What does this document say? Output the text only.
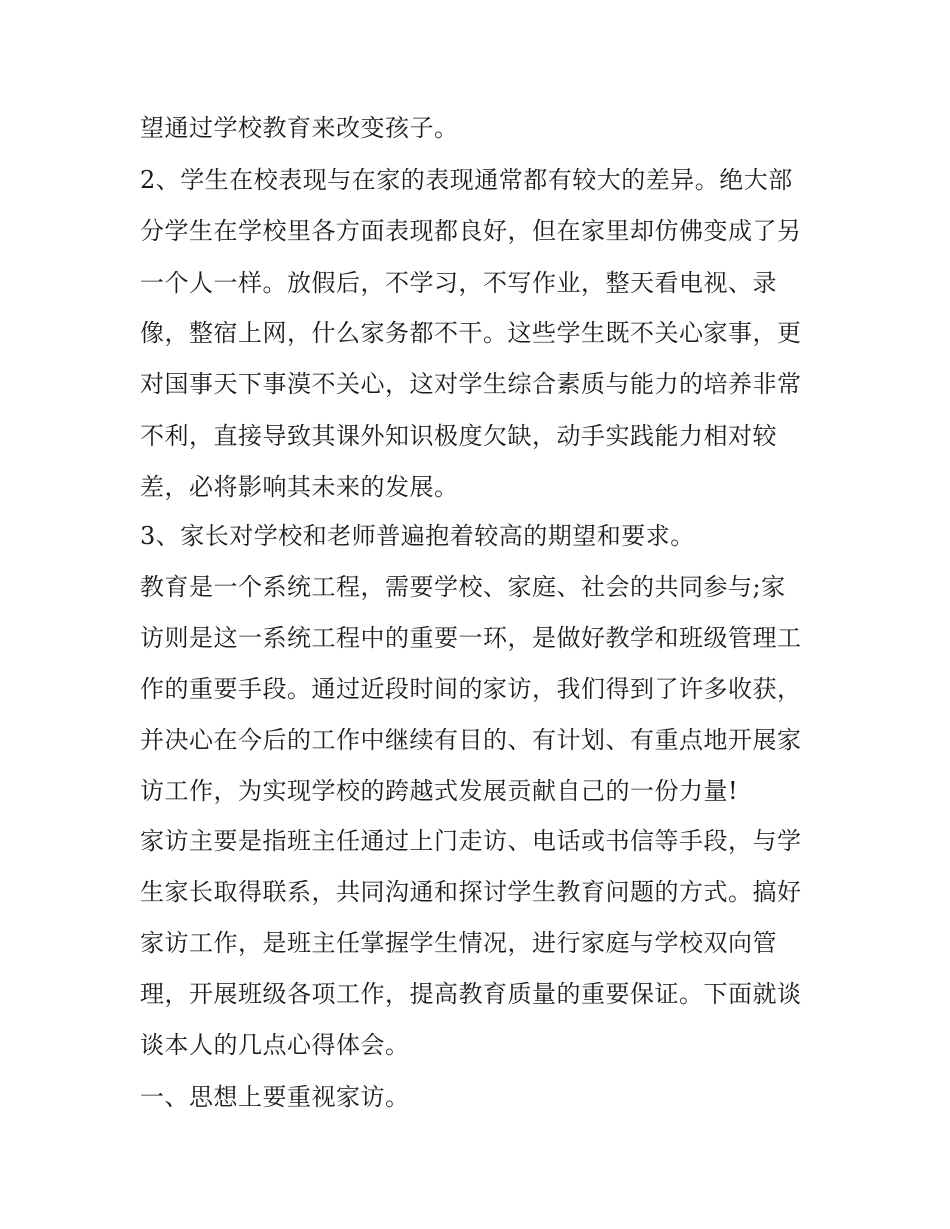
望通过学校教育来改变孩子。
2、学生在校表现与在家的表现通常都有较大的差异。绝大部
分学生在学校里各方面表现都良好，但在家里却仿佛变成了另
一个人一样。放假后，不学习，不写作业，整天看电视、录
像，整宿上网，什么家务都不干。这些学生既不关心家事，更
对国事天下事漠不关心，这对学生综合素质与能力的培养非常
不利，直接导致其课外知识极度欠缺，动手实践能力相对较
差，必将影响其未来的发展。
3、家长对学校和老师普遍抱着较高的期望和要求。
教育是一个系统工程，需要学校、家庭、社会的共同参与;家
访则是这一系统工程中的重要一环，是做好教学和班级管理工
作的重要手段。通过近段时间的家访，我们得到了许多收获，
并决心在今后的工作中继续有目的、有计划、有重点地开展家
访工作，为实现学校的跨越式发展贡献自己的一份力量!
家访主要是指班主任通过上门走访、电话或书信等手段，与学
生家长取得联系，共同沟通和探讨学生教育问题的方式。搞好
家访工作，是班主任掌握学生情况，进行家庭与学校双向管
理，开展班级各项工作，提高教育质量的重要保证。下面就谈
谈本人的几点心得体会。
一、思想上要重视家访。
